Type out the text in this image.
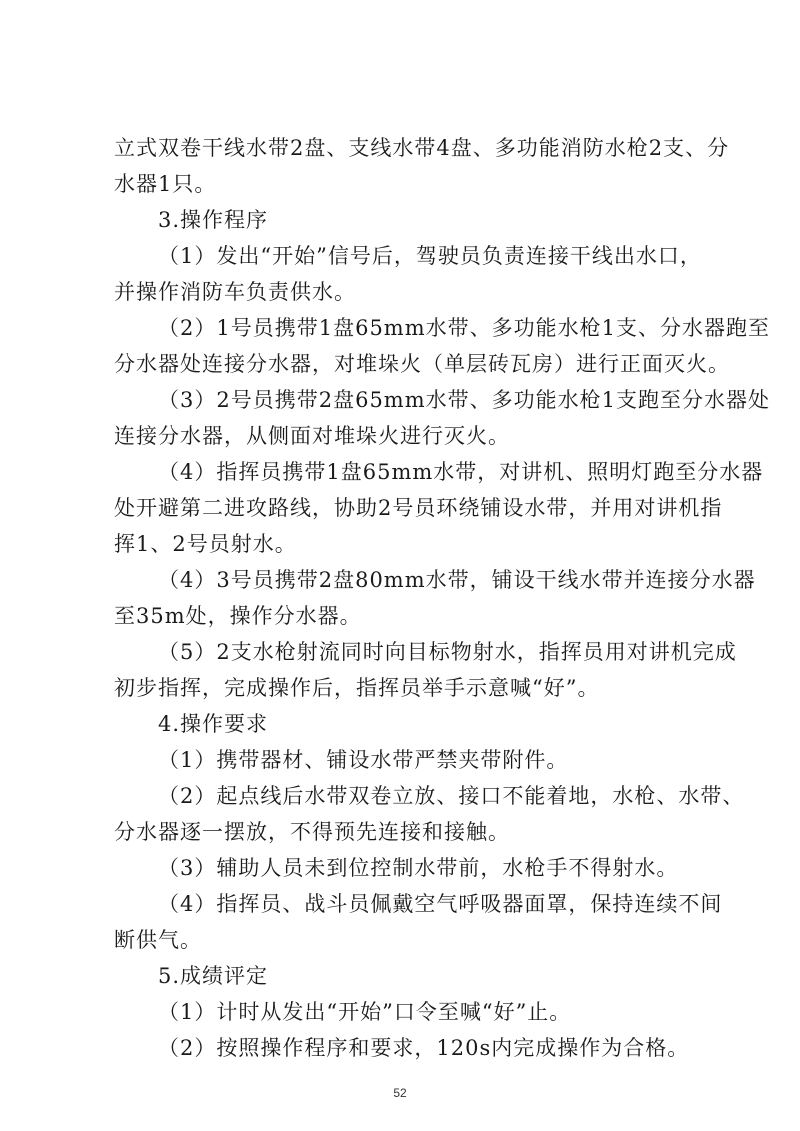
立式双卷干线水带2盘、支线水带4盘、多功能消防水枪2支、分
水器1只。
3.操作程序
（1）发出“开始”信号后，驾驶员负责连接干线出水口，
并操作消防车负责供水。
（2）1号员携带1盘65mm水带、多功能水枪1支、分水器跑至
分水器处连接分水器，对堆垛火（单层砖瓦房）进行正面灭火。
（3）2号员携带2盘65mm水带、多功能水枪1支跑至分水器处
连接分水器，从侧面对堆垛火进行灭火。
（4）指挥员携带1盘65mm水带，对讲机、照明灯跑至分水器
处开避第二进攻路线，协助2号员环绕铺设水带，并用对讲机指
挥1、2号员射水。
（4）3号员携带2盘80mm水带，铺设干线水带并连接分水器
至35m处，操作分水器。
（5）2支水枪射流同时向目标物射水，指挥员用对讲机完成
初步指挥，完成操作后，指挥员举手示意喊“好”。
4.操作要求
（1）携带器材、铺设水带严禁夹带附件。
（2）起点线后水带双卷立放、接口不能着地，水枪、水带、
分水器逐一摆放，不得预先连接和接触。
（3）辅助人员未到位控制水带前，水枪手不得射水。
（4）指挥员、战斗员佩戴空气呼吸器面罩，保持连续不间
断供气。
5.成绩评定
（1）计时从发出“开始”口令至喊“好”止。
（2）按照操作程序和要求，120s内完成操作为合格。
52
